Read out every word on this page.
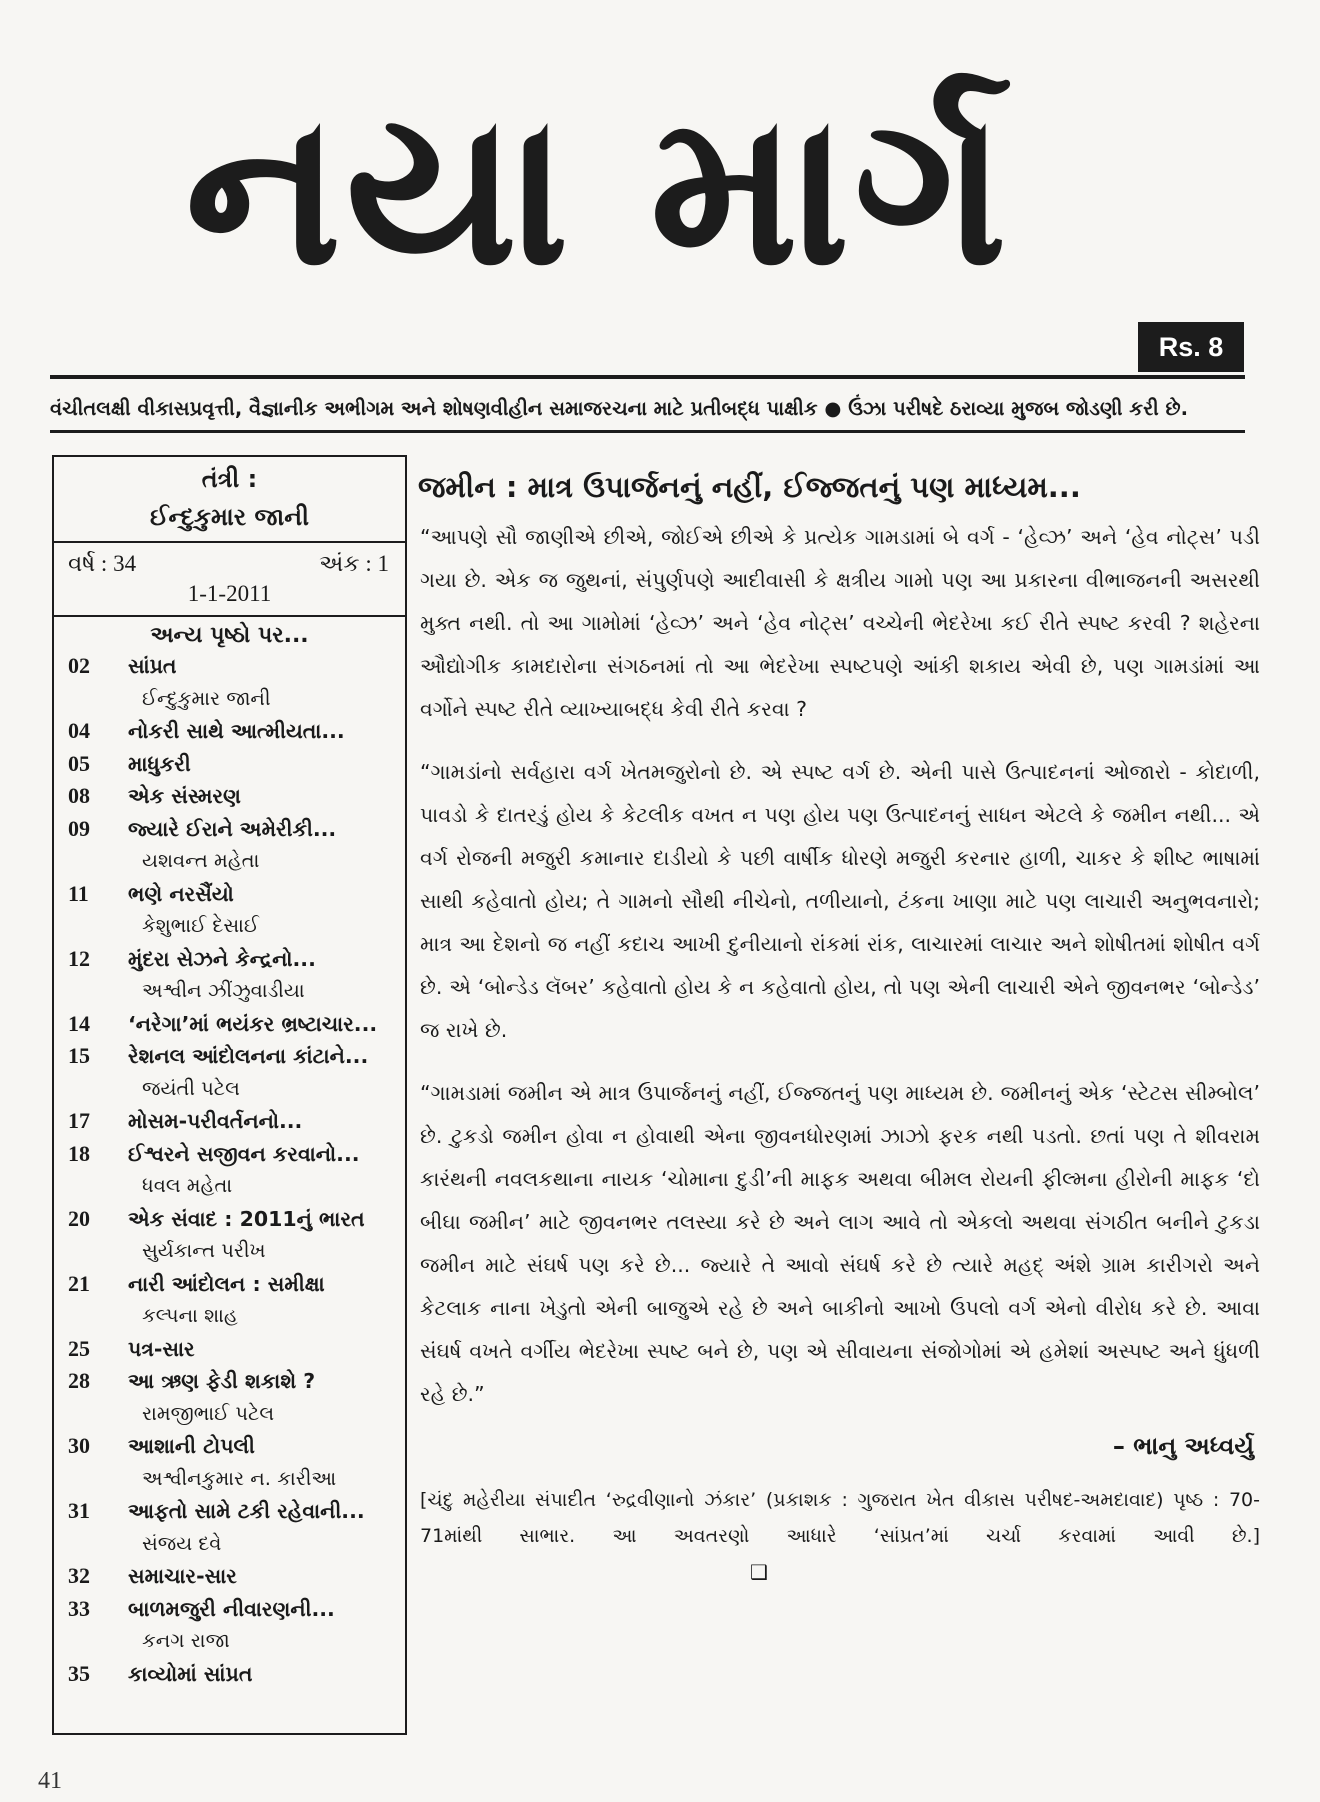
નયા માર્ગ
Rs. 8
વંચીતલક્ષી વીકાસપ્રવૃત્તી, વૈજ્ઞાનીક અભીગમ અને શોષણવીહીન સમાજરચના માટે પ્રતીબદ્ધ પાક્ષીક ● ઉંઝા પરીષદે ઠરાવ્યા મુજબ જોડણી કરી છે.
તંત્રી :
ઈન્દુકુમાર જાની
વર્ષ : 34	અંક : 1
1-1-2011
અન્ય પૃષ્ઠો પર...
02	સાંપ્રત
ઈન્દુકુમાર જાની
04	નોકરી સાથે આત્મીયતા...
05	માધુકરી
08	એક સંસ્મરણ
09	જ્યારે ઈરાને અમેરીકી...
યશવન્ત મહેતા
11	ભણે નરસૈંયો
કેશુભાઈ દેસાઈ
12	મુંદરા સેઝને કેન્દ્રનો...
અશ્વીન ઝીંઝુવાડીયા
14	‘નરેગા’માં ભયંકર ભ્રષ્ટાચાર...
15	રેશનલ આંદોલનના કાંટાને...
જયંતી પટેલ
17	મોસમ-પરીવર્તનનો...
18	ઈશ્વરને સજીવન કરવાનો...
ધવલ મહેતા
20	એક સંવાદ : 2011નું ભારત
સુર્યકાન્ત પરીખ
21	નારી આંદોલન : સમીક્ષા
કલ્પના શાહ
25	પત્ર-સાર
28	આ ઋણ ફેડી શકાશે ?
રામજીભાઈ પટેલ
30	આશાની ટોપલી
અશ્વીનકુમાર ન. કારીઆ
31	આફતો સામે ટકી રહેવાની...
સંજય દવે
32	સમાચાર-સાર
33	બાળમજુરી નીવારણની...
કનગ રાજા
35	કાવ્યોમાં સાંપ્રત
જમીન : માત્ર ઉપાર્જનનું નહીં, ઈજ્જતનું પણ માધ્યમ...

“આપણે સૌ જાણીએ છીએ, જોઈએ છીએ કે પ્રત્યેક ગામડામાં બે વર્ગ - ‘હેવ્ઝ’ અને ‘હેવ નોટ્સ’ પડી ગયા છે. એક જ જુથનાં, સંપુર્ણપણે આદીવાસી કે ક્ષત્રીય ગામો પણ આ પ્રકારના વીભાજનની અસરથી મુક્ત નથી. તો આ ગામોમાં ‘હેવ્ઝ’ અને ‘હેવ નોટ્સ’ વચ્ચેની ભેદરેખા કઈ રીતે સ્પષ્ટ કરવી ? શહેરના ઔદ્યોગીક કામદારોના સંગઠનમાં તો આ ભેદરેખા સ્પષ્ટપણે આંકી શકાય એવી છે, પણ ગામડાંમાં આ વર્ગોને સ્પષ્ટ રીતે વ્યાખ્યાબદ્ધ કેવી રીતે કરવા ?

“ગામડાંનો સર્વહારા વર્ગ ખેતમજુરોનો છે. એ સ્પષ્ટ વર્ગ છે. એની પાસે ઉત્પાદનનાં ઓજારો - કોદાળી, પાવડો કે દાતરડું હોય કે કેટલીક વખત ન પણ હોય પણ ઉત્પાદનનું સાધન એટલે કે જમીન નથી... એ વર્ગ રોજની મજુરી કમાનાર દાડીયો કે પછી વાર્ષીક ધોરણે મજુરી કરનાર હાળી, ચાકર કે શીષ્ટ ભાષામાં સાથી કહેવાતો હોય; તે ગામનો સૌથી નીચેનો, તળીયાનો, ટંકના ખાણા માટે પણ લાચારી અનુભવનારો; માત્ર આ દેશનો જ નહીં કદાચ આખી દુનીયાનો રાંકમાં રાંક, લાચારમાં લાચાર અને શોષીતમાં શોષીત વર્ગ છે. એ ‘બોન્ડેડ લૅબર’ કહેવાતો હોય કે ન કહેવાતો હોય, તો પણ એની લાચારી એને જીવનભર ‘બોન્ડેડ’ જ રાખે છે.

“ગામડામાં જમીન એ માત્ર ઉપાર્જનનું નહીં, ઈજ્જતનું પણ માધ્યમ છે. જમીનનું એક ‘સ્ટેટસ સીમ્બોલ’ છે. ટુકડો જમીન હોવા ન હોવાથી એના જીવનધોરણમાં ઝાઝો ફરક નથી પડતો. છતાં પણ તે શીવરામ કારંથની નવલકથાના નાયક ‘ચોમાના દુડી’ની માફક અથવા બીમલ રોયની ફીલ્મના હીરોની માફક ‘દો બીઘા જમીન’ માટે જીવનભર તલસ્યા કરે છે અને લાગ આવે તો એકલો અથવા સંગઠીત બનીને ટુકડા જમીન માટે સંઘર્ષ પણ કરે છે... જ્યારે તે આવો સંઘર્ષ કરે છે ત્યારે મહદ્ અંશે ગ્રામ કારીગરો અને કેટલાક નાના ખેડુતો એની બાજુએ રહે છે અને બાકીનો આખો ઉપલો વર્ગ એનો વીરોધ કરે છે. આવા સંઘર્ષ વખતે વર્ગીય ભેદરેખા સ્પષ્ટ બને છે, પણ એ સીવાયના સંજોગોમાં એ હમેશાં અસ્પષ્ટ અને ધુંધળી રહે છે.”

– ભાનુ અધ્વર્યુ
[ચંદુ મહેરીયા સંપાદીત ‘રુદ્રવીણાનો ઝંકાર’ (પ્રકાશક : ગુજરાત ખેત વીકાસ પરીષદ-અમદાવાદ) પૃષ્ઠ : 70-71માંથી સાભાર. આ અવતરણો આધારે ‘સાંપ્રત’માં ચર્ચા કરવામાં આવી છે.] ❑
41
